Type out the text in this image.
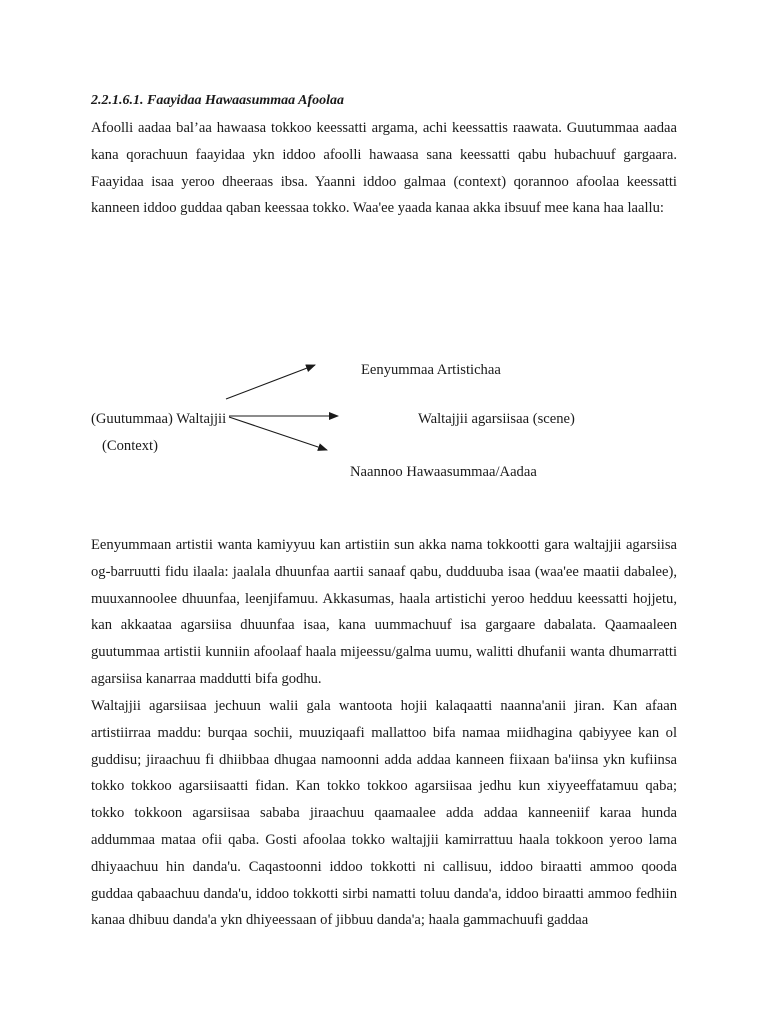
2.2.1.6.1. Faayidaa Hawaasummaa Afoolaa

Afoolli aadaa bal’aa hawaasa tokkoo keessatti argama, achi keessattis raawata. Guutummaa aadaa kana qorachuun faayidaa ykn iddoo afoolli hawaasa sana keessatti qabu hubachuuf gargaara. Faayidaa isaa yeroo dheeraas ibsa. Yaanni iddoo galmaa (context) qorannoo afoolaa keessatti kanneen iddoo guddaa qaban keessaa tokko. Waa'ee yaada kanaa akka ibsuuf mee kana haa laallu:

Eenyummaa Artistichaa
(Guutummaa) Waltajjii	Waltajjii agarsiisaa (scene)
(Context)
Naannoo Hawaasummaa/Aadaa

Eenyummaan artistii wanta kamiyyuu kan artistiin sun akka nama tokkootti gara waltajjii agarsiisa og-barruutti fidu ilaala: jaalala dhuunfaa aartii sanaaf qabu, dudduuba isaa (waa'ee maatii dabalee), muuxannoolee dhuunfaa, leenjifamuu. Akkasumas, haala artistichi yeroo hedduu keessatti hojjetu, kan akkaataa agarsiisa dhuunfaa isaa, kana uummachuuf isa gargaare dabalata. Qaamaaleen guutummaa artistii kunniin afoolaaf haala mijeessu/galma uumu, walitti dhufanii wanta dhumarratti agarsiisa kanarraa maddutti bifa godhu.

Waltajjii agarsiisaa jechuun walii gala wantoota hojii kalaqaatti naanna'anii jiran. Kan afaan artistiirraa maddu: burqaa sochii, muuziqaafi mallattoo bifa namaa miidhagina qabiyyee kan ol guddisu; jiraachuu fi dhiibbaa dhugaa namoonni adda addaa kanneen fiixaan ba'iinsa ykn kufiinsa tokko tokkoo agarsiisaatti fidan. Kan tokko tokkoo agarsiisaa jedhu kun xiyyeeffatamuu qaba; tokko tokkoon agarsiisaa sababa jiraachuu qaamaalee adda addaa kanneeniif karaa hunda addummaa mataa ofii qaba. Gosti afoolaa tokko waltajjii kamirrattuu haala tokkoon yeroo lama dhiyaachuu hin danda'u. Caqastoonni iddoo tokkotti ni callisuu, iddoo biraatti ammoo qooda guddaa qabaachuu danda'u, iddoo tokkotti sirbi namatti toluu danda'a, iddoo biraatti ammoo fedhiin kanaa dhibuu danda'a ykn dhiyeessaan of jibbuu danda'a; haala gammachuufi gaddaa
